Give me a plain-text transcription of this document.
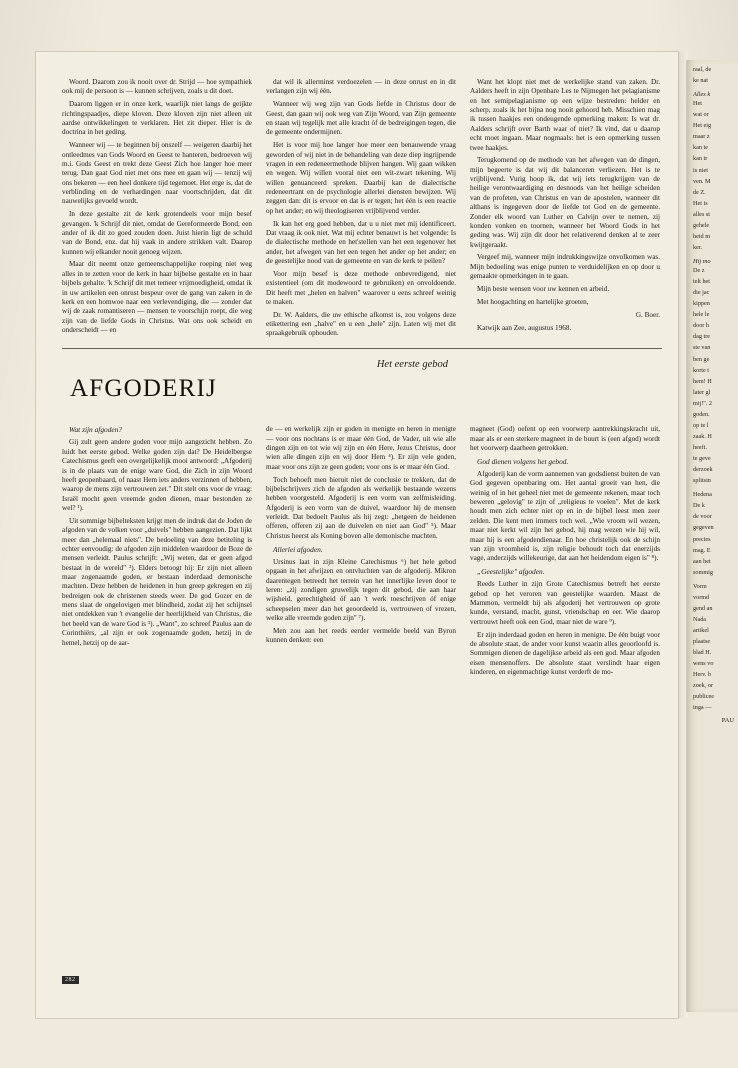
raal, de
ke nat
Alles k
Het
wat or
Het eig
maar z
kan te
kan tr
is niet
ven. M
de Z.
Het is
alles st
gehele
heid m
ker.
Hij mo
De z
telt het
die jac
kippen
hele le
door h
dag tre
ste van
ben ge
korte t
hem! H
later gl
mij!". 2
goden.
op te l
zaak. H
heeft.
te geve
derzoek
splitsin
Hedena
De k
de voor
gegeven
precies
mag. E
aan het
sommig
Vorm
vormd
gend an
Nada
artikel
plaatse
blad H.
wens vo
Herv. b
zoek, or
publicee
inga —
PAU

Woord. Daarom zou ik nooit over dr. Strijd — hoe sympathiek ook mij de persoon is — kunnen schrijven, zoals u dit doet.

Daarom liggen er in onze kerk, waarlijk niet langs de geijkte richtingspaadjes, diepe kloven. Deze kloven zijn niet alleen uit aardse ontwikkelingen te verklaren. Het zit dieper. Hier is de doctrina in het geding.

Wanneer wij — te beginnen bij onszelf — weigeren daarbij het ontleedmes van Gods Woord en Geest te hanteren, bedroeven wij m.i. Gods Geest en trekt deze Geest Zich hoe langer hoe meer terug. Dan gaat God niet met ons mee en gaan wij — tenzij wij ons bekeren — een heel donkere tijd tegemoet. Het erge is, dat de verblinding en de verhardingen naar voortschrijden, dat dit nauwelijks gevoeld wordt.

In deze gestalte zit de kerk grotendeels voor mijn besef gevangen. 'k Schrijf dit niet, omdat de Gereformeerde Bond, een ander of ik dit zo goed zouden doen. Juist hierin ligt de schuld van de Bond, enz. dat hij vaak in andere strikken valt. Daarop kunnen wij elkander nooit genoeg wijzen.

Maar dit neemt onze gemeenschappelijke roeping niet weg alles in te zetten voor de kerk in haar bijbelse gestalte en in haar bijbels gehalte. 'k Schrijf dit met temeer vrijmoedigheid, omdat ik in uw artikelen een onrust bespeur over de gang van zaken in de kerk en een homwoe naar een verlevendiging, die — zonder dat wij de zaak romantiseren — mensen te voorschijn roept, die weg zijn van de liefde Gods in Christus. Wat ons ook scheidt en onderscheidt — en

dat wil ik allerminst verdoezelen — in deze onrust en in dit verlangen zijn wij één.

Wanneer wij weg zijn van Gods liefde in Christus door de Geest, dan gaan wij ook weg van Zijn Woord, van Zijn gemeente en staan wij tegelijk met alle kracht óf de bedreigingen tegen, die de gemeente ondermijnen.

Het is voor mij hoe langer hoe meer een benauwende vraag geworden of wij niet in de behandeling van deze diep ingrijpende vragen in een redeneermethode blijven hangen. Wij gaan wikken en wegen. Wij willen vooral niet een wit-zwart tekening. Wij willen genuanceerd spreken. Daarbij kan de dialectische redeneertrant en de psychologie allerlei diensten bewijzen. Wij zeggen dan: dit is ervoor en dat is er tegen; het één is een reactie op het ander; en wij theologiseren vrijblijvend verder.

Ik kan het erg goed hebben, dat u u niet met mij identificeert. Dat vraag ik ook niet. Wat mij echter benauwt is het volgende: Is de dialectische methode en het'stellen van het een tegenover het ander, het afwegen van het een tegen het ander op het ander; en de geestelijke nood van de gemeente en van de kerk te peilen?

Voor mijn besef is deze methode onbevredigend, niet existentieel (om dit modewoord te gebruiken) en onvoldoende. Dit heeft met „helen en halven" waarover u eens schreef weinig te maken.

Dr. W. Aalders, die uw ethische afkomst is, zou volgens deze etikettering een „halve" en u een „hele" zijn. Laten wij met dit spraakgebruik ophouden.

Want het klopt niet met de werkelijke stand van zaken. Dr. Aalders heeft in zijn Openbare Les te Nijmegen het pelagianisme en het semipelagianisme op een wijze bestreden: helder en scherp, zoals ik het bijna nog nooit gehoord heb. Misschien mag ik tussen haakjes een ondeugende opmerking maken: Is wat dr. Aalders schrijft over Barth waar of niet? Ik vind, dat u daarop echt moet ingaan. Maar nogmaals: het is een opmerking tussen twee haakjes.

Terugkomend op de methode van het afwegen van de dingen, mijn begeerte is dat wij dit balanceren verliezen. Het is te vrijblijvend. Vurig hoop ik, dat wij iets terugkrijgen van de heilige verontwaardiging en desnoods van het heilige scheiden van de profeten, van Christus en van de apostelen, wanneer dit althans is ingegeven door de liefde tot God en de gemeente. Zonder elk woord van Luther en Calvijn over te nemen, zij konden vonken en toornen, wanneer het Woord Gods in het geding was. Wij zijn dit door het relativerend denken al te zeer kwijtgeraakt.

Vergeef mij, wanneer mijn indrukkingswijze onvolkomen was. Mijn bedoeling was enige punten te verduidelijken en op door u gemaakte opmerkingen in te gaan.

Mijn beste wensen voor uw kennen en arbeid.

Met hoogachting en hartelijke groeten,

G. Boer.

Katwijk aan Zee, augustus 1968.

Het eerste gebod
AFGODERIJ

Wat zijn afgoden?

Gij zult geen andere goden voor mijn aangezicht hebben. Zo luidt het eerste gebod. Welke goden zijn dat? De Heidelbergse Catechismus geeft een overgelijkelijk mooi antwoord: „Afgoderij is in de plaats van de enige ware God, die Zich in zijn Woord heeft geopenbaard, of naast Hem iets anders verzinnen of hebben, waarop de mens zijn vertrouwen zet." Dit stelt ons voor de vraag: Israël mocht geen vreemde goden dienen, maar bestonden ze wel? ¹).

Uit sommige bijbelteksten krijgt men de indruk dat de Joden de afgoden van de volken voor „duivels" hebben aangezien. Dat lijkt meer dan „helemaal niets". De bedoeling van deze betiteling is echter eenvoudig: de afgoden zijn middelen waardoor de Boze de mensen verleidt. Paulus schrijft: „Wij weten, dat er geen afgod bestaat in de wereld" ²). Elders betoogt hij: Er zijn niet alleen maar zogenaamde goden, er bestaan inderdaad demonische machten. Deze hebben de heidenen in hun greep gekregen en zij bedreigen ook de christenen steeds weer. De god Gozer en de mens slaat de ongelovigen met blindheid, zodat zij het schijnsel niet ontdekken van 't evangelie der heerlijkheid van Christus, die het beeld van de ware God is ³). „Want", zo schreef Paulus aan de Corinthiërs, „al zijn er ook zogenaamde goden, hetzij in de hemel, hetzij op de aar-

de — en werkelijk zijn er goden in menigte en heren in menigte — voor ons nochtans is er maar één God, de Vader, uit wie alle dingen zijn en tot wie wij zijn en één Here, Jezus Christus, door wien alle dingen zijn en wij door Hem ⁴). Er zijn vele goden, maar voor ons zijn ze geen goden; voor ons is er maar één God.

Toch behoeft men hieruit niet de conclusie te trekken, dat de bijbelschrijvers zich de afgoden als werkelijk bestaande wezens hebben voorgesteld. Afgoderij is een vorm van zelfmisleiding. Afgoderij is een vorm van de duivel, waardoor hij de mensen verleidt. Dat bedoelt Paulus als hij zegt: „hetgeen de heidenen offeren, offeren zij aan de duivelen en niet aan God" ⁵). Maar Christus heerst als Koning boven alle demonische machten.

Allerlei afgoden.

Ursinus laat in zijn Kleine Catechismus ⁶) het hele gebod opgaan in het afwijzen en ontvluchten van de afgoderij. Mikron daarentegen betreedt het terrein van het innerlijke leven door te leren: „zij zondigen gruwelijk tegen dit gebod, die aan haar wijsheid, gerechtigheid óf aan 't werk toeschrijven óf enige scheepselen meer dan het geoordeeld is, vertrouwen of vrezen, welke alle vreemde goden zijn" ⁷).

Men zou aan het reeds eerder vermelde beeld van Byron kunnen denken: een

magneet (God) oefent op een voorwerp aantrekkingskracht uit, maar als er een sterkere magneet in de buurt is (een afgod) wordt het voorwerp daarheen getrokken.

God dienen volgens het gebod.

Afgoderij kan de vorm aannemen van godsdienst buiten de van God gegeven openbaring om. Het aantal groeit van hen, die weinig of in het geheel niet met de gemeente rekenen, maar toch beweren „gelovig" te zijn of „religieus te voelen". Met de kerk houdt men zich echter niet op en in de bijbel leest men zeer zelden. Die kent men immers toch wel. „Wie vroom wil wezen, maar niet kerkt wil zijn het gebod, hij mag wezen wie hij wil, maar hij is een afgodendienaar. En hoe christelijk ook de schijn van zijn vroomheid is, zijn religie behoudt toch dat enerzijds vage, anderzijds willekeurige, dat aan het heidendom eigen is" ⁸).

„Geestelijke" afgoden.

Reeds Luther in zijn Grote Catechismus betreft het eerste gebod op het veroren van geestelijke waarden. Maast de Mammon, vermeldt hij als afgoderij het vertrouwen op grote kunde, verstand, macht, gunst, vriendschap en eer. Wie daarop vertrouwt heeft ook een God, maar niet de ware ⁹).

Er zijn inderdaad goden en heren in menigte. De één buigt voor de absolute staat, de ander voor kunst waarin alles geoorloofd is. Sommigen dienen de dagelijkse arbeid als een god. Maar afgoden eisen mensenoffers. De absolute staat verslindt haar eigen kinderen, en eigenmachtige kunst verderft de mo-

282
